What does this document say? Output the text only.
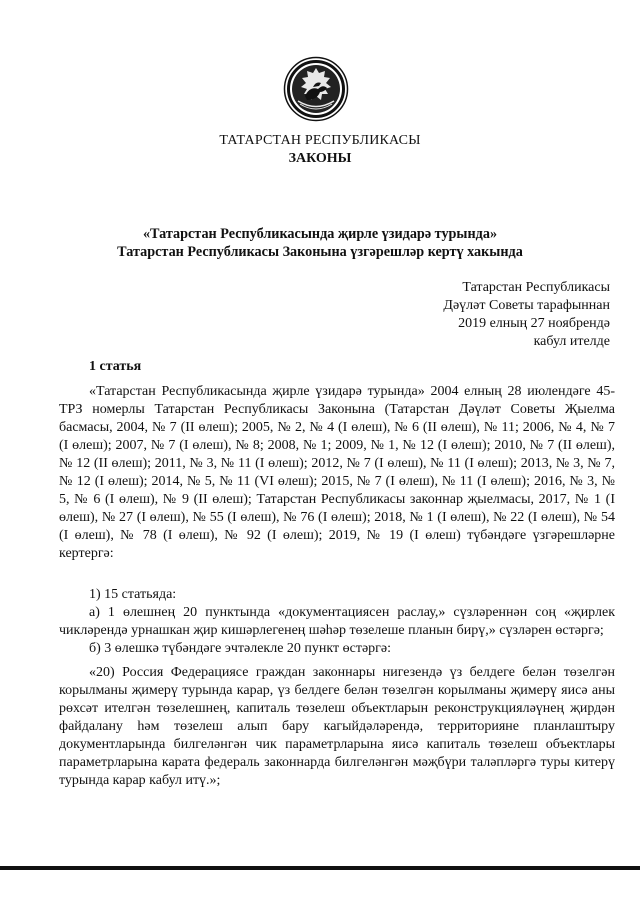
ТАТАРСТАН РЕСПУБЛИКАСЫ
ЗАКОНЫ
«Татарстан Республикасында җирле үзидарә турында»
Татарстан Республикасы Законына үзгәрешләр кертү хакында
Татарстан Республикасы
Дәүләт Советы тарафыннан
2019 елның 27 ноябрендә
кабул ителде
1 статья
«Татарстан Республикасында җирле үзидарә турында» 2004 елның 28 июлендәге 45-ТРЗ номерлы Татарстан Республикасы Законына (Татарстан Дәүләт Советы Җыелма басмасы, 2004, № 7 (II өлеш); 2005, № 2, № 4 (I өлеш), № 6 (II өлеш), № 11; 2006, № 4, № 7 (I өлеш); 2007, № 7 (I өлеш), № 8; 2008, № 1; 2009, № 1, № 12 (I өлеш); 2010, № 7 (II өлеш), № 12 (II өлеш); 2011, № 3, № 11 (I өлеш); 2012, № 7 (I өлеш), № 11 (I өлеш); 2013, № 3, № 7, № 12 (I өлеш); 2014, № 5, № 11 (VI өлеш); 2015, № 7 (I өлеш), № 11 (I өлеш); 2016, № 3, № 5, № 6 (I өлеш), № 9 (II өлеш); Татарстан Республикасы законнар җыелмасы, 2017, № 1 (I өлеш), № 27 (I өлеш), № 55 (I өлеш), № 76 (I өлеш); 2018, № 1 (I өлеш), № 22 (I өлеш), № 54 (I өлеш), № 78 (I өлеш), № 92 (I өлеш); 2019, № 19 (I өлеш) түбәндәге үзгәрешләрне кертергә:
1) 15 статьяда:
а) 1 өлешнең 20 пунктында «документациясен раслау,» сүзләреннән соң «җирлек чикләрендә урнашкан җир кишәрлегенең шәһәр төзелеше планын бирү,» сүзләрен өстәргә;
б) 3 өлешкә түбәндәге эчтәлекле 20 пункт өстәргә:
«20) Россия Федерациясе граждан законнары нигезендә үз белдеге белән төзелгән корылманы җимерү турында карар, үз белдеге белән төзелгән корылманы җимерү яисә аны рөхсәт ителгән төзелешнең, капиталь төзелеш объектларын реконструкцияләүнең җирдән файдалану һәм төзелеш алып бару кагыйдәләрендә, территорияне планлаштыру документларында билгеләнгән чик параметрларына яисә капиталь төзелеш объектлары параметрларына карата федераль законнарда билгеләнгән мәҗбүри таләпләргә туры китерү турында карар кабул итү.»;
